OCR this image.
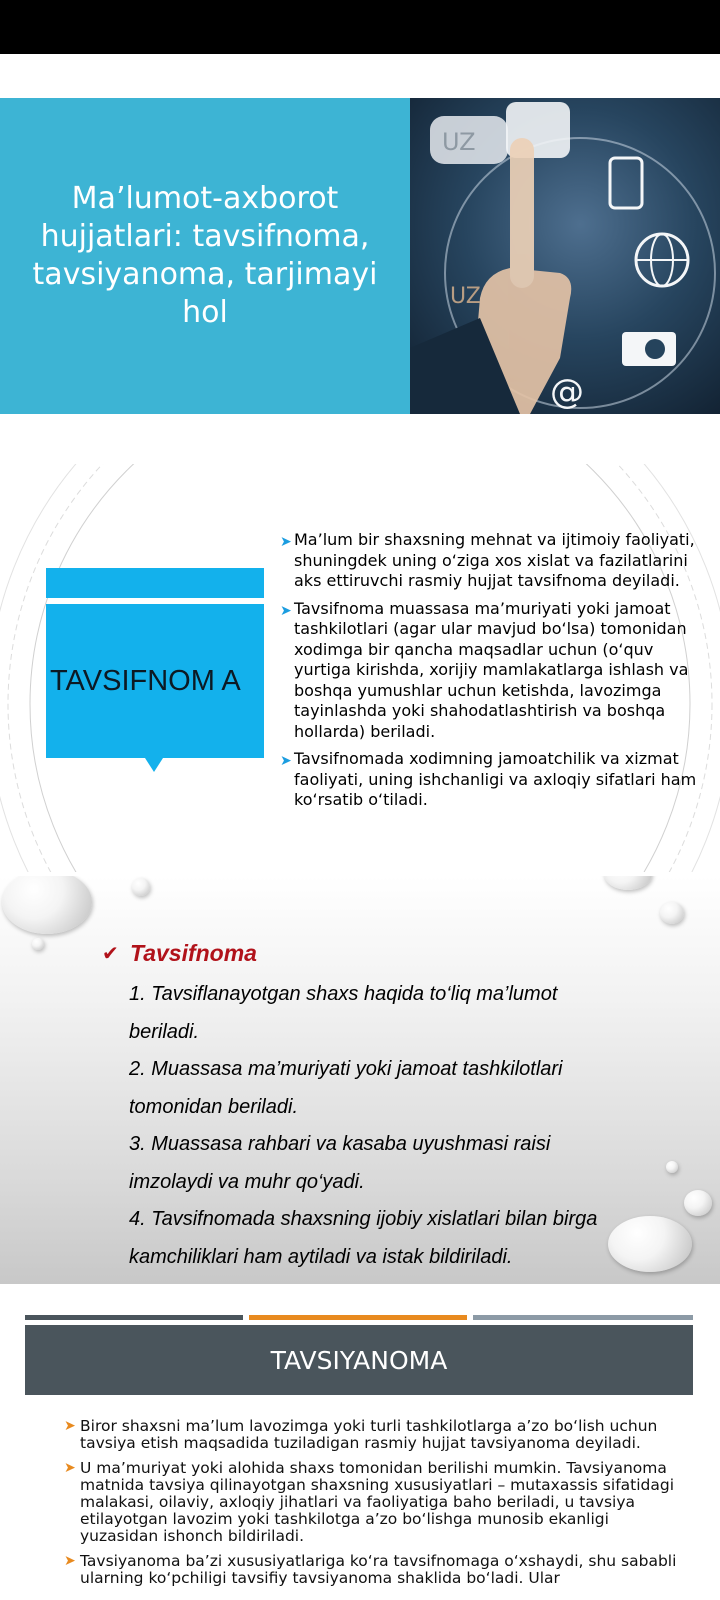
Ma’lumot-axborot hujjatlari: tavsifnoma, tavsiyanoma, tarjimayi hol
UZ
UZ
@
TAVSIFNOM A
➤ Ma’lum bir shaxsning mehnat va ijtimoiy faoliyati, shuningdek uning o‘ziga xos xislat va fazilatlarini aks ettiruvchi rasmiy hujjat tavsifnoma deyiladi.
➤ Tavsifnoma muassasa ma’muriyati yoki jamoat tashkilotlari (agar ular mavjud bo‘lsa) tomonidan xodimga bir qancha maqsadlar uchun (o‘quv yurtiga kirishda, xorijiy mamlakatlarga ishlash va boshqa yumushlar uchun ketishda, lavozimga tayinlashda yoki shahodatlashtirish va boshqa hollarda) beriladi.
➤ Tavsifnomada xodimning jamoatchilik va xizmat faoliyati, uning ishchanligi va axloqiy sifatlari ham ko‘rsatib o‘tiladi.
✔ Tavsifnoma
1. Tavsiflanayotgan shaxs haqida to‘liq ma’lumot
beriladi.
2. Muassasa ma’muriyati yoki jamoat tashkilotlari
tomonidan beriladi.
3. Muassasa rahbari va kasaba uyushmasi raisi
imzolaydi va muhr qo‘yadi.
4. Tavsifnomada shaxsning ijobiy xislatlari bilan birga
kamchiliklari ham aytiladi va istak bildiriladi.
TAVSIYANOMA
➤ Biror shaxsni ma’lum lavozimga yoki turli tashkilotlarga a’zo bo‘lish uchun tavsiya etish maqsadida tuziladigan rasmiy hujjat tavsiyanoma deyiladi.
➤ U ma’muriyat yoki alohida shaxs tomonidan berilishi mumkin. Tavsiyanoma matnida tavsiya qilinayotgan shaxsning xususiyatlari – mutaxassis sifatidagi malakasi, oilaviy, axloqiy jihatlari va faoliyatiga baho beriladi, u tavsiya etilayotgan lavozim yoki tashkilotga a’zo bo‘lishga munosib ekanligi yuzasidan ishonch bildiriladi.
➤ Tavsiyanoma ba’zi xususiyatlariga ko‘ra tavsifnomaga o‘xshaydi, shu sababli ularning ko‘pchiligi tavsifiy tavsiyanoma shaklida bo‘ladi. Ular
